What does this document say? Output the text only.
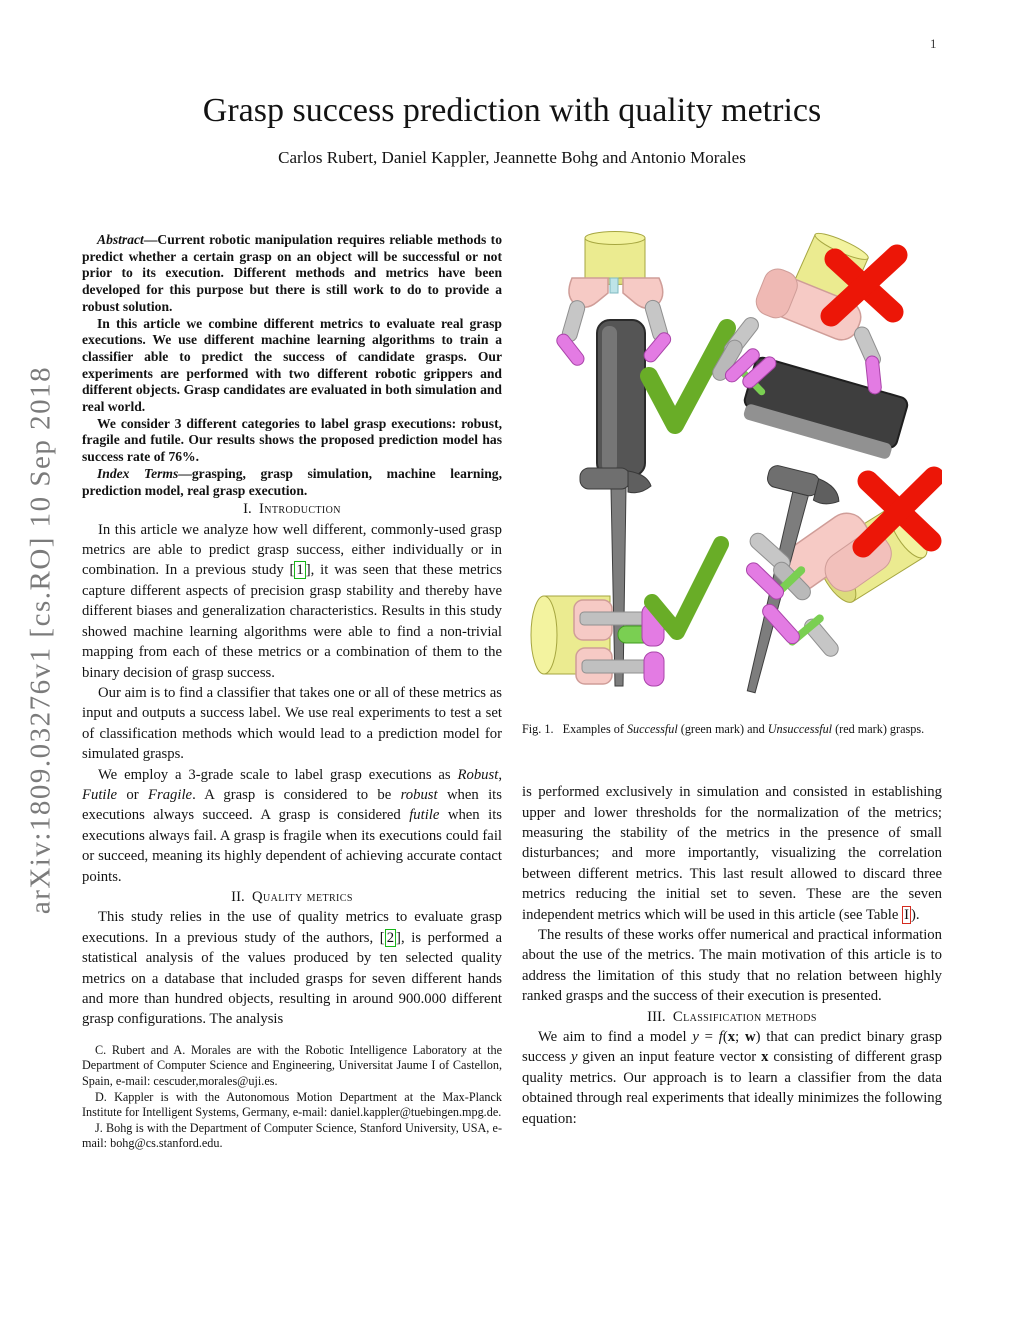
1
arXiv:1809.03276v1 [cs.RO] 10 Sep 2018
Grasp success prediction with quality metrics
Carlos Rubert, Daniel Kappler, Jeannette Bohg and Antonio Morales

Abstract—Current robotic manipulation requires reliable methods to predict whether a certain grasp on an object will be successful or not prior to its execution. Different methods and metrics have been developed for this purpose but there is still work to do to provide a robust solution.

In this article we combine different metrics to evaluate real grasp executions. We use different machine learning algorithms to train a classifier able to predict the success of candidate grasps. Our experiments are performed with two different robotic grippers and different objects. Grasp candidates are evaluated in both simulation and real world.

We consider 3 different categories to label grasp executions: robust, fragile and futile. Our results shows the proposed prediction model has success rate of 76%.

Index Terms—grasping, grasp simulation, machine learning, prediction model, real grasp execution.

I. Introduction

In this article we analyze how well different, commonly-used grasp metrics are able to predict grasp success, either individually or in combination. In a previous study [ 1 ], it was seen that these metrics capture different aspects of precision grasp stability and thereby have different biases and generalization characteristics. Results in this study showed machine learning algorithms were able to find a non-trivial mapping from each of these metrics or a combination of them to the binary decision of grasp success.

Our aim is to find a classifier that takes one or all of these metrics as input and outputs a success label. We use real experiments to test a set of classification methods which would lead to a prediction model for simulated grasps.

We employ a 3-grade scale to label grasp executions as Robust, Futile or Fragile. A grasp is considered to be robust when its executions always succeed. A grasp is considered futile when its executions always fail. A grasp is fragile when its executions could fail or succeed, meaning its highly dependent of achieving accurate contact points.

II. Quality metrics

This study relies in the use of quality metrics to evaluate grasp executions. In a previous study of the authors, [ 2 ], is performed a statistical analysis of the values produced by ten selected quality metrics on a database that included grasps for seven different hands and more than hundred objects, resulting in around 900.000 different grasp configurations. The analysis

C. Rubert and A. Morales are with the Robotic Intelligence Laboratory at the Department of Computer Science and Engineering, Universitat Jaume I of Castellon, Spain, e-mail: cescuder,morales@uji.es.

D. Kappler is with the Autonomous Motion Department at the Max-Planck Institute for Intelligent Systems, Germany, e-mail: daniel.kappler@tuebingen.mpg.de.

J. Bohg is with the Department of Computer Science, Stanford University, USA, e-mail: bohg@cs.stanford.edu.

Fig. 1.  Examples of Successful (green mark) and Unsuccessful (red mark) grasps.

is performed exclusively in simulation and consisted in establishing upper and lower thresholds for the normalization of the metrics; measuring the stability of the metrics in the presence of small disturbances; and more importantly, visualizing the correlation between different metrics. This last result allowed to discard three metrics reducing the initial set to seven. These are the seven independent metrics which will be used in this article (see Table I ).

The results of these works offer numerical and practical information about the use of the metrics. The main motivation of this article is to address the limitation of this study that no relation between highly ranked grasps and the success of their execution is presented.

III. Classification methods

We aim to find a model y = f(x; w) that can predict binary grasp success y given an input feature vector x consisting of different grasp quality metrics. Our approach is to learn a classifier from the data obtained through real experiments that ideally minimizes the following equation:
